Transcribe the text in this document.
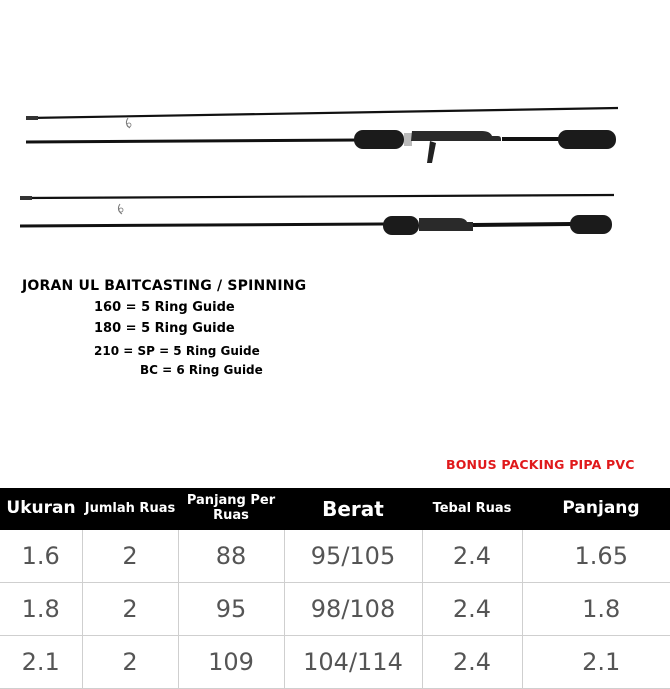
JORAN UL BAITCASTING / SPINNING
160 = 5 Ring Guide
180 = 5 Ring Guide
210 = SP = 5 Ring Guide
BC = 6 Ring Guide
BONUS PACKING PIPA PVC
Ukuran	Jumlah Ruas	Panjang Per Ruas	Berat	Tebal Ruas	Panjang
1.6	2	88	95/105	2.4	1.65
1.8	2	95	98/108	2.4	1.8
2.1	2	109	104/114	2.4	2.1
